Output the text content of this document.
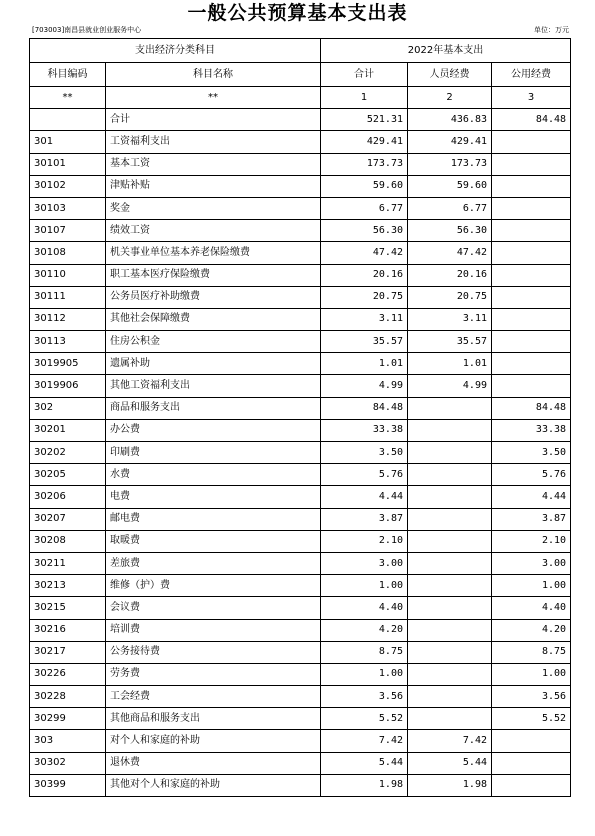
一般公共预算基本支出表
[703003]南昌县就业创业服务中心	单位：万元
支出经济分类科目		2022年基本支出		
科目编码	科目名称	合计	人员经费	公用经费
**	**	1	2	3
	合计	521.31	436.83	84.48
301	工资福利支出	429.41	429.41	
30101	基本工资	173.73	173.73	
30102	津贴补贴	59.60	59.60	
30103	奖金	6.77	6.77	
30107	绩效工资	56.30	56.30	
30108	机关事业单位基本养老保险缴费	47.42	47.42	
30110	职工基本医疗保险缴费	20.16	20.16	
30111	公务员医疗补助缴费	20.75	20.75	
30112	其他社会保障缴费	3.11	3.11	
30113	住房公积金	35.57	35.57	
3019905	遗属补助	1.01	1.01	
3019906	其他工资福利支出	4.99	4.99	
302	商品和服务支出	84.48		84.48
30201	办公费	33.38		33.38
30202	印刷费	3.50		3.50
30205	水费	5.76		5.76
30206	电费	4.44		4.44
30207	邮电费	3.87		3.87
30208	取暖费	2.10		2.10
30211	差旅费	3.00		3.00
30213	维修（护）费	1.00		1.00
30215	会议费	4.40		4.40
30216	培训费	4.20		4.20
30217	公务接待费	8.75		8.75
30226	劳务费	1.00		1.00
30228	工会经费	3.56		3.56
30299	其他商品和服务支出	5.52		5.52
303	对个人和家庭的补助	7.42	7.42	
30302	退休费	5.44	5.44	
30399	其他对个人和家庭的补助	1.98	1.98	
